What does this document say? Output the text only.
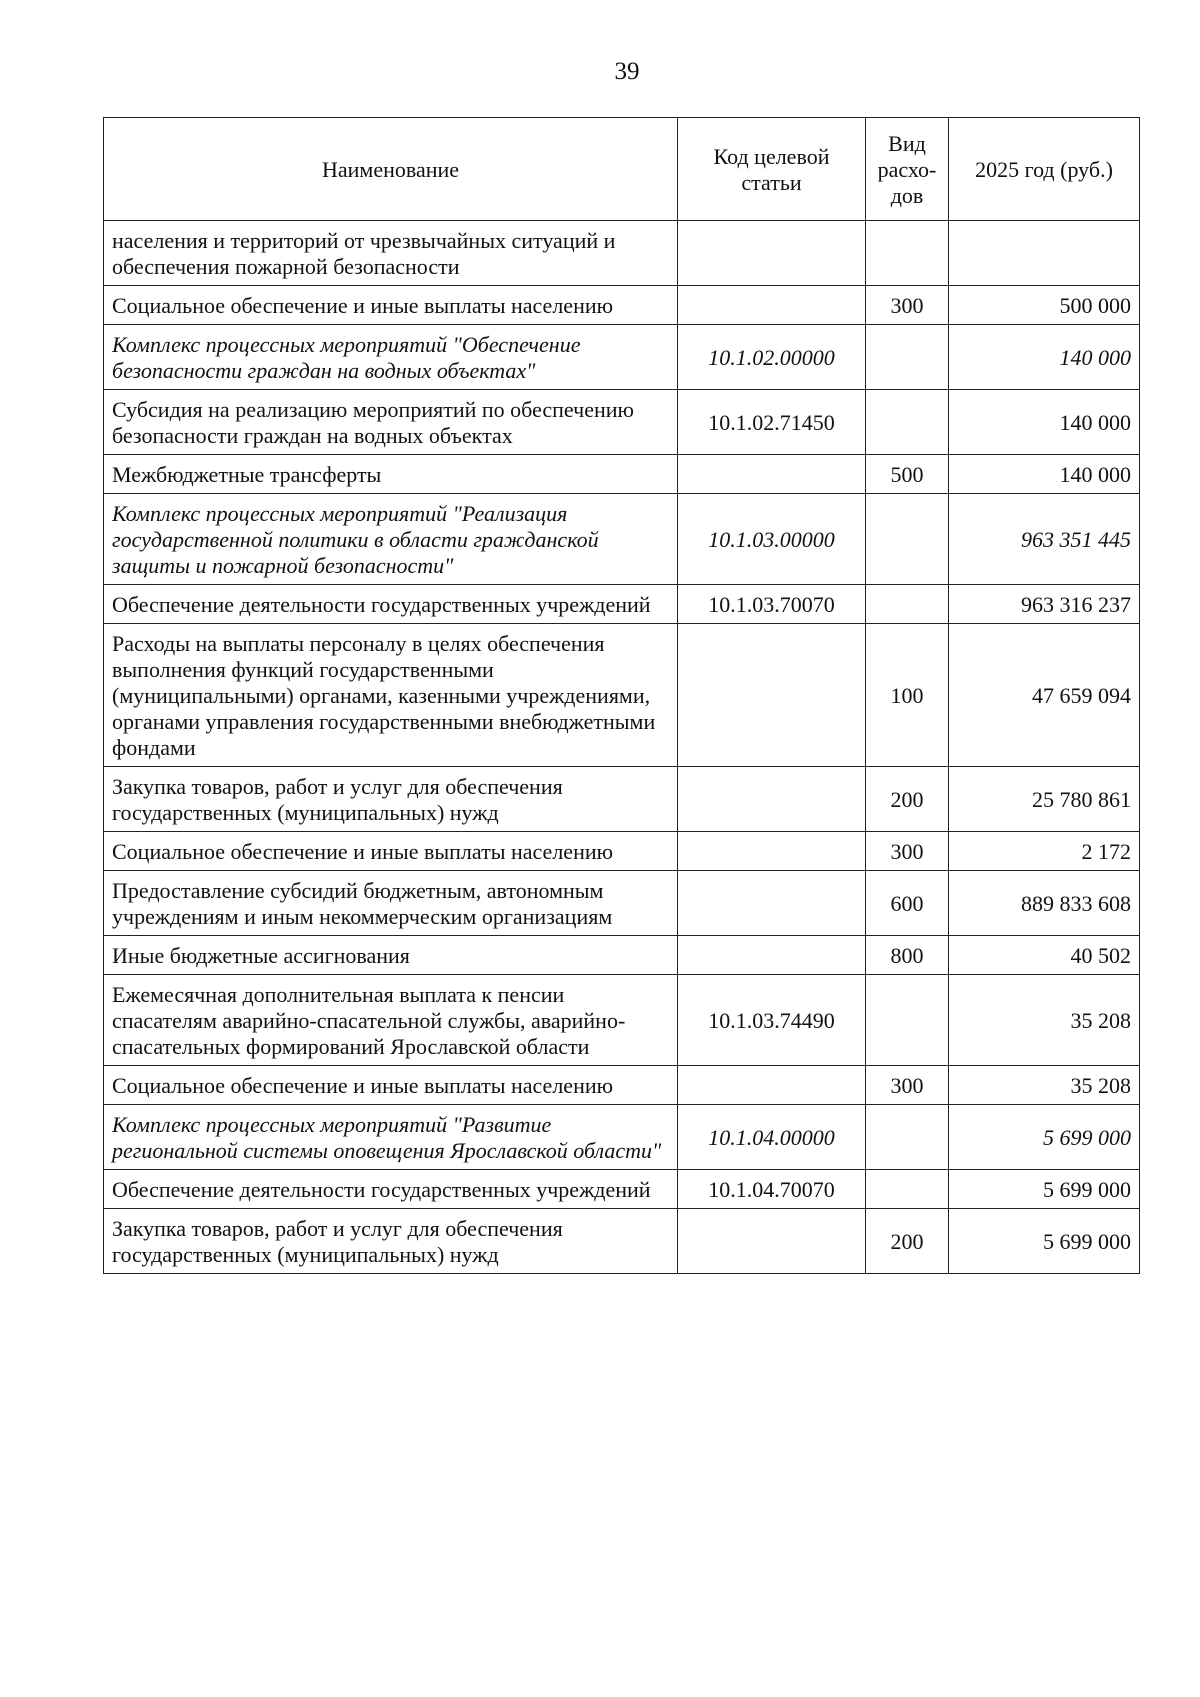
39
Наименование	Код целевой статьи	Вид расхо-дов	2025 год (руб.)
населения и территорий от чрезвычайных ситуаций и обеспечения пожарной безопасности			
Социальное обеспечение и иные выплаты населению		300	500 000
Комплекс процессных мероприятий "Обеспечение безопасности граждан на водных объектах"	10.1.02.00000		140 000
Субсидия на реализацию мероприятий по обеспечению безопасности граждан на водных объектах	10.1.02.71450		140 000
Межбюджетные трансферты		500	140 000
Комплекс процессных мероприятий "Реализация государственной политики в области гражданской защиты и пожарной безопасности"	10.1.03.00000		963 351 445
Обеспечение деятельности государственных учреждений	10.1.03.70070		963 316 237
Расходы на выплаты персоналу в целях обеспечения выполнения функций государственными (муниципальными) органами, казенными учреждениями, органами управления государственными внебюджетными фондами		100	47 659 094
Закупка товаров, работ и услуг для обеспечения государственных (муниципальных) нужд		200	25 780 861
Социальное обеспечение и иные выплаты населению		300	2 172
Предоставление субсидий бюджетным, автономным учреждениям и иным некоммерческим организациям		600	889 833 608
Иные бюджетные ассигнования		800	40 502
Ежемесячная дополнительная выплата к пенсии спасателям аварийно-спасательной службы, аварийно-спасательных формирований Ярославской области	10.1.03.74490		35 208
Социальное обеспечение и иные выплаты населению		300	35 208
Комплекс процессных мероприятий "Развитие региональной системы оповещения Ярославской области"	10.1.04.00000		5 699 000
Обеспечение деятельности государственных учреждений	10.1.04.70070		5 699 000
Закупка товаров, работ и услуг для обеспечения государственных (муниципальных) нужд		200	5 699 000
